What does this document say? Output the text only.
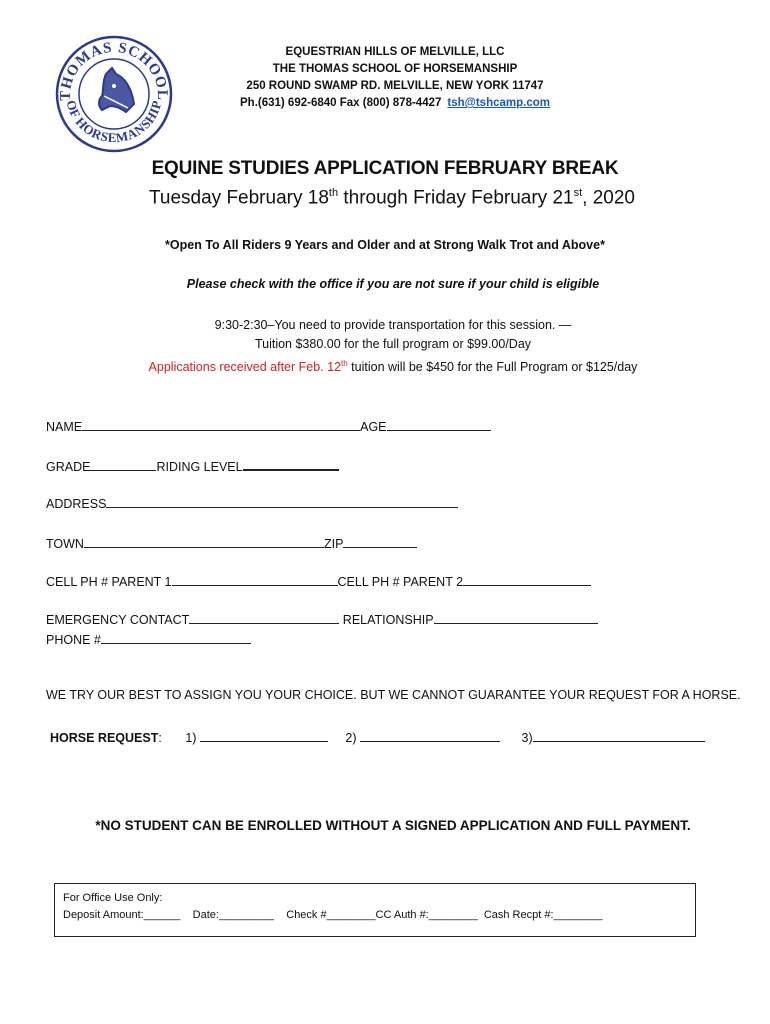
THOMAS SCHOOL
OF HORSEMANSHIP
EQUESTRIAN HILLS OF MELVILLE, LLC
THE THOMAS SCHOOL OF HORSEMANSHIP
250 ROUND SWAMP RD. MELVILLE, NEW YORK 11747
Ph.(631) 692-6840 Fax (800) 878-4427 tsh@tshcamp.com
EQUINE STUDIES APPLICATION FEBRUARY BREAK
Tuesday February 18th through Friday February 21st, 2020
*Open To All Riders 9 Years and Older and at Strong Walk Trot and Above*
Please check with the office if you are not sure if your child is eligible
9:30-2:30–You need to provide transportation for this session. —
Tuition $380.00 for the full program or $99.00/Day
Applications received after Feb. 12th tuition will be $450 for the Full Program or $125/day
NAME	AGE
GRADE	RIDING LEVEL
ADDRESS
TOWN	ZIP
CELL PH # PARENT 1	CELL PH # PARENT 2
EMERGENCY CONTACT	RELATIONSHIP
PHONE #
WE TRY OUR BEST TO ASSIGN YOU YOUR CHOICE. BUT WE CANNOT GUARANTEE YOUR REQUEST FOR A HORSE.
HORSE REQUEST: 1)	2)	3)
*NO STUDENT CAN BE ENROLLED WITHOUT A SIGNED APPLICATION AND FULL PAYMENT.
For Office Use Only:
Deposit Amount:______ Date:_________ Check #________CC Auth #:________ Cash Recpt #:________
